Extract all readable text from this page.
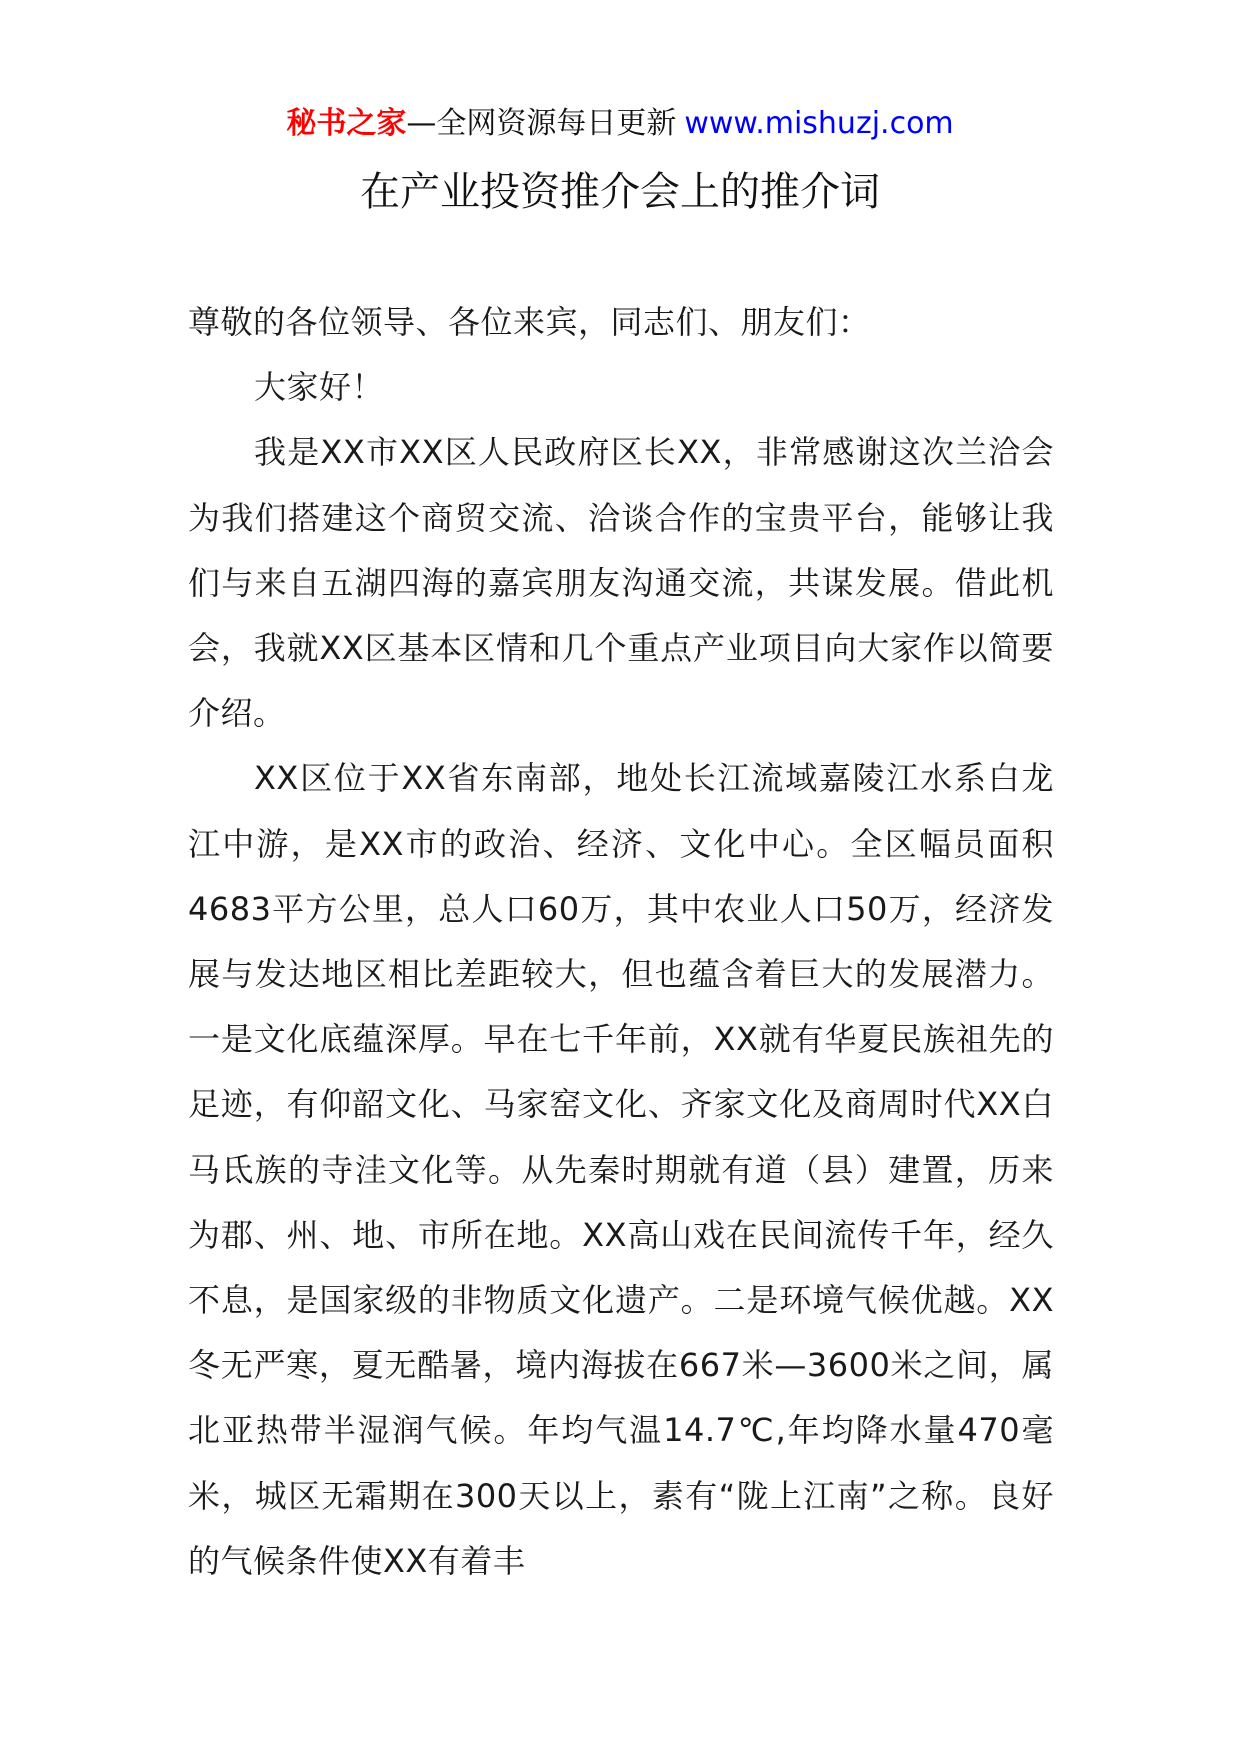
秘书之家—全网资源每日更新 www.mishuzj.com
在产业投资推介会上的推介词

尊敬的各位领导、各位来宾，同志们、朋友们：

大家好！

我是XX市XX区人民政府区长XX，非常感谢这次兰洽会为我们搭建这个商贸交流、洽谈合作的宝贵平台，能够让我们与来自五湖四海的嘉宾朋友沟通交流，共谋发展。借此机会，我就XX区基本区情和几个重点产业项目向大家作以简要介绍。

XX区位于XX省东南部，地处长江流域嘉陵江水系白龙江中游，是XX市的政治、经济、文化中心。全区幅员面积4683平方公里，总人口60万，其中农业人口50万，经济发展与发达地区相比差距较大，但也蕴含着巨大的发展潜力。一是文化底蕴深厚。早在七千年前，XX就有华夏民族祖先的足迹，有仰韶文化、马家窑文化、齐家文化及商周时代XX白马氐族的寺洼文化等。从先秦时期就有道（县）建置，历来为郡、州、地、市所在地。XX高山戏在民间流传千年，经久不息，是国家级的非物质文化遗产。二是环境气候优越。XX冬无严寒，夏无酷暑，境内海拔在667米—3600米之间，属北亚热带半湿润气候。年均气温14.7℃,年均降水量470毫米，城区无霜期在300天以上，素有“陇上江南”之称。良好的气候条件使XX有着丰
